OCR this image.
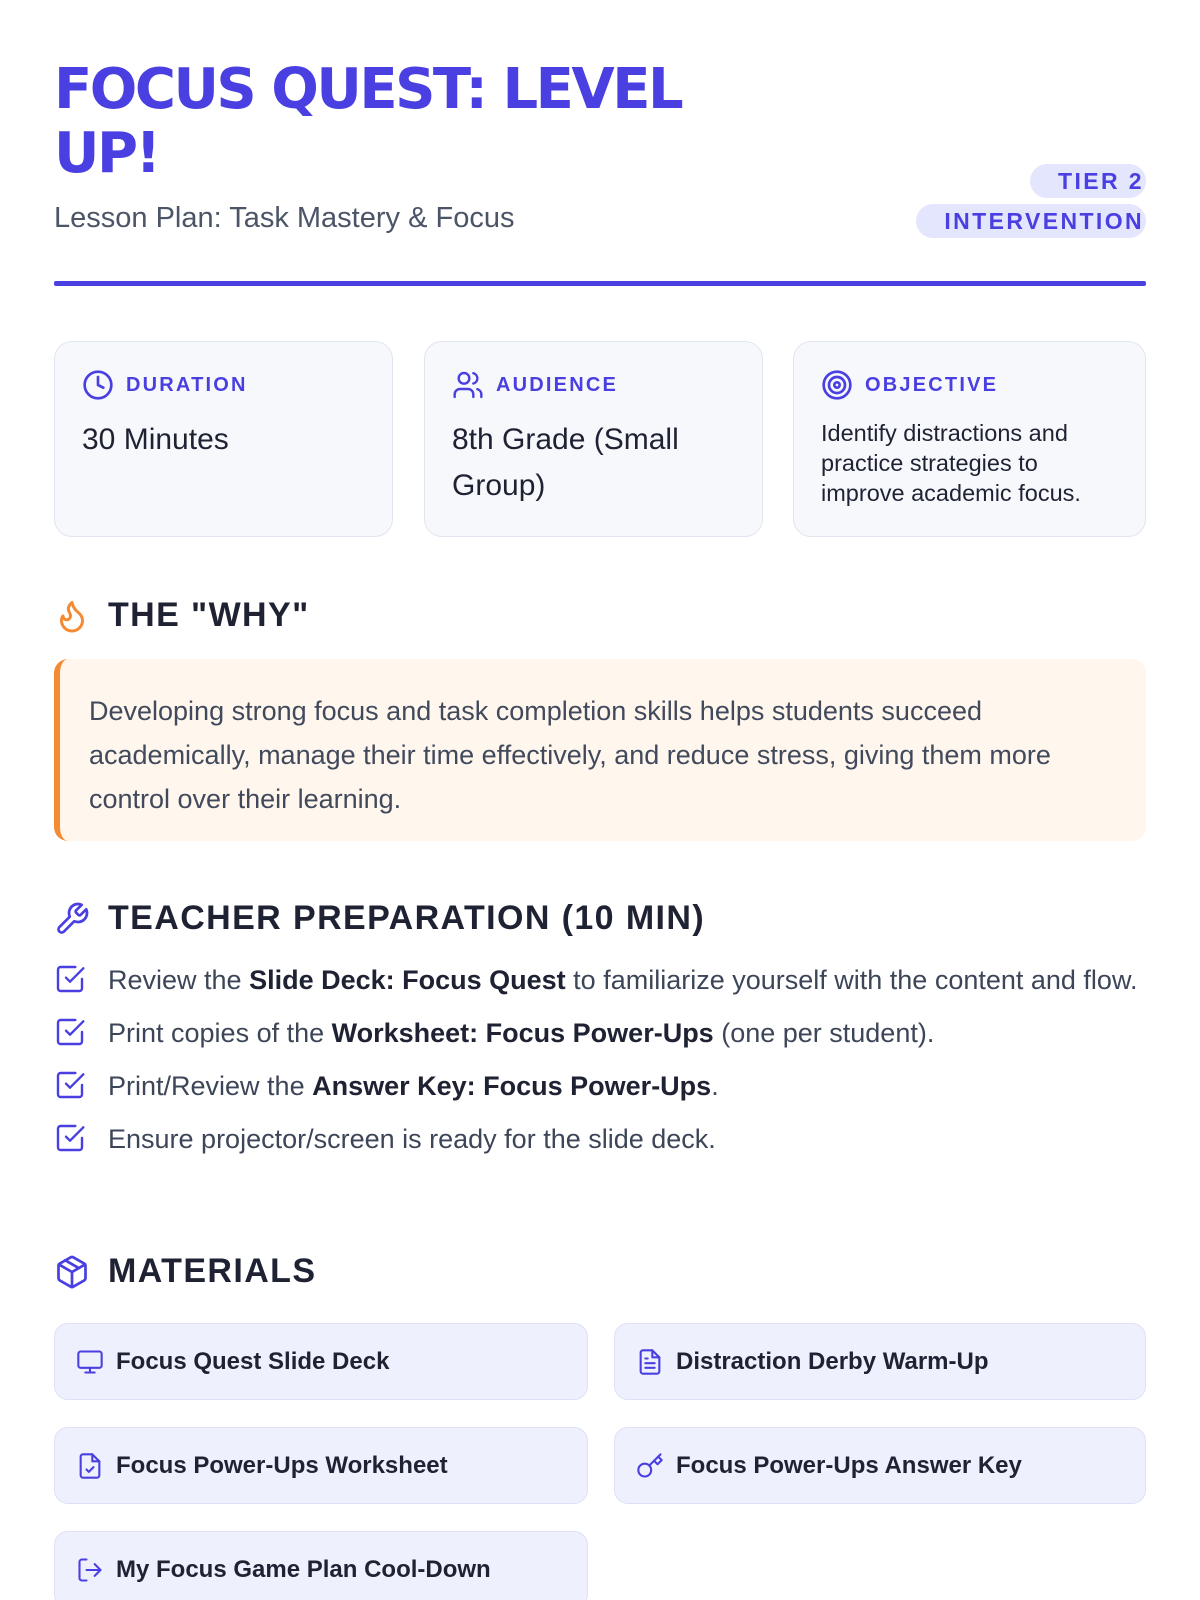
FOCUS QUEST: LEVEL UP!
Lesson Plan: Task Mastery & Focus
TIER 2 INTERVENTION
DURATION
30 Minutes
AUDIENCE
8th Grade (Small Group)
OBJECTIVE
Identify distractions and practice strategies to improve academic focus.
THE "WHY"

Developing strong focus and task completion skills helps students succeed academically, manage their time effectively, and reduce stress, giving them more control over their learning.

TEACHER PREPARATION (10 MIN)
Review the Slide Deck: Focus Quest to familiarize yourself with the content and flow.
Print copies of the Worksheet: Focus Power-Ups (one per student).
Print/Review the Answer Key: Focus Power-Ups.
Ensure projector/screen is ready for the slide deck.
MATERIALS
Focus Quest Slide Deck	Distraction Derby Warm-Up
Focus Power-Ups Worksheet	Focus Power-Ups Answer Key
My Focus Game Plan Cool-Down
